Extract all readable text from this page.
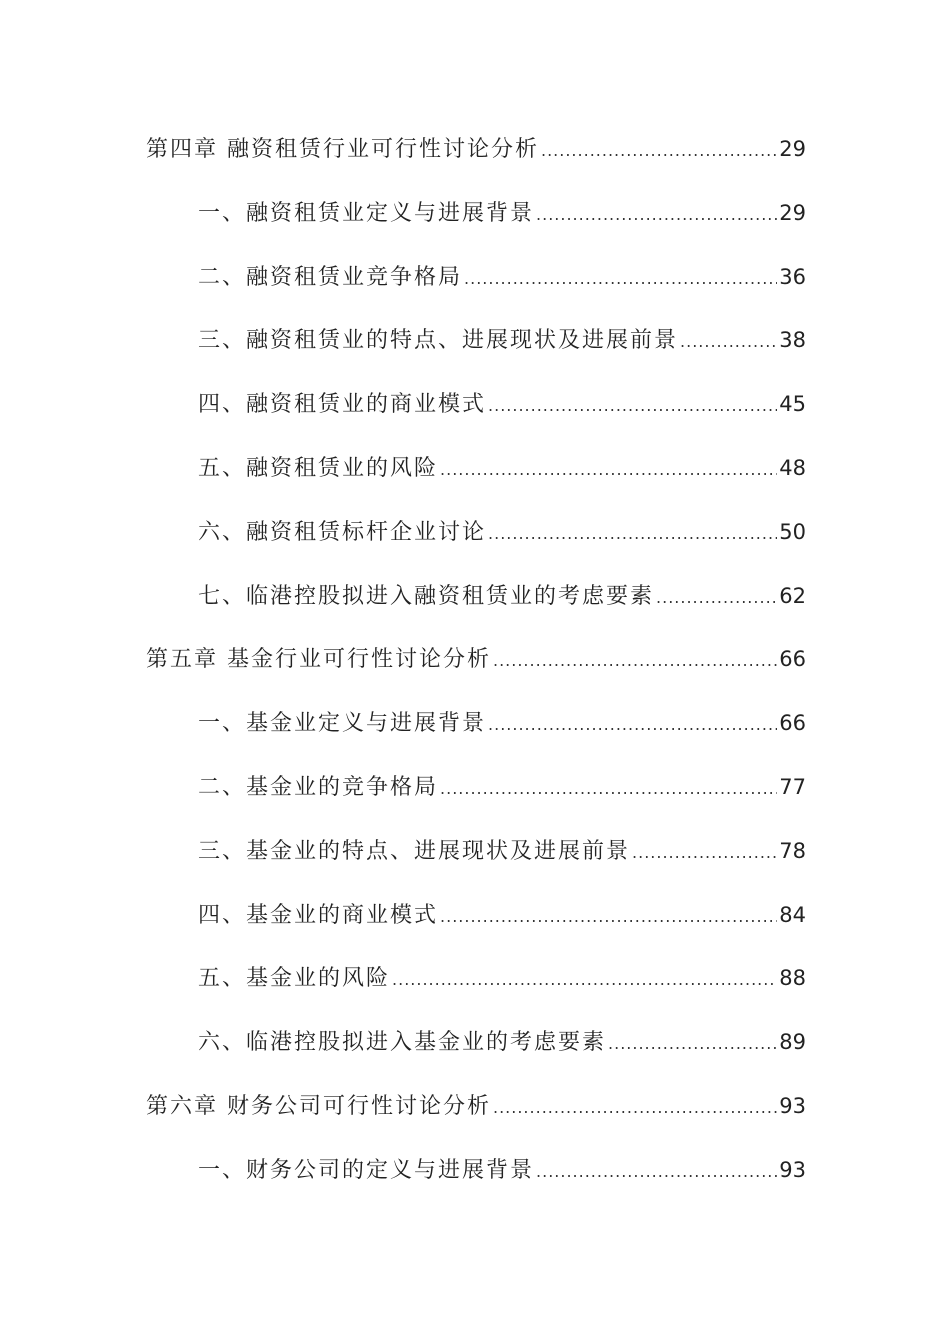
第四章 融资租赁行业可行性讨论分析 .....	29
一、融资租赁业定义与进展背景 .....	29
二、融资租赁业竞争格局 .....	36
三、融资租赁业的特点、进展现状及进展前景 .....	38
四、融资租赁业的商业模式 .....	45
五、融资租赁业的风险 .....	48
六、融资租赁标杆企业讨论 .....	50
七、临港控股拟进入融资租赁业的考虑要素 .....	62
第五章 基金行业可行性讨论分析 .....	66
一、基金业定义与进展背景 .....	66
二、基金业的竞争格局 .....	77
三、基金业的特点、进展现状及进展前景 .....	78
四、基金业的商业模式 .....	84
五、基金业的风险 .....	88
六、临港控股拟进入基金业的考虑要素 .....	89
第六章 财务公司可行性讨论分析 .....	93
一、财务公司的定义与进展背景 .....	93
